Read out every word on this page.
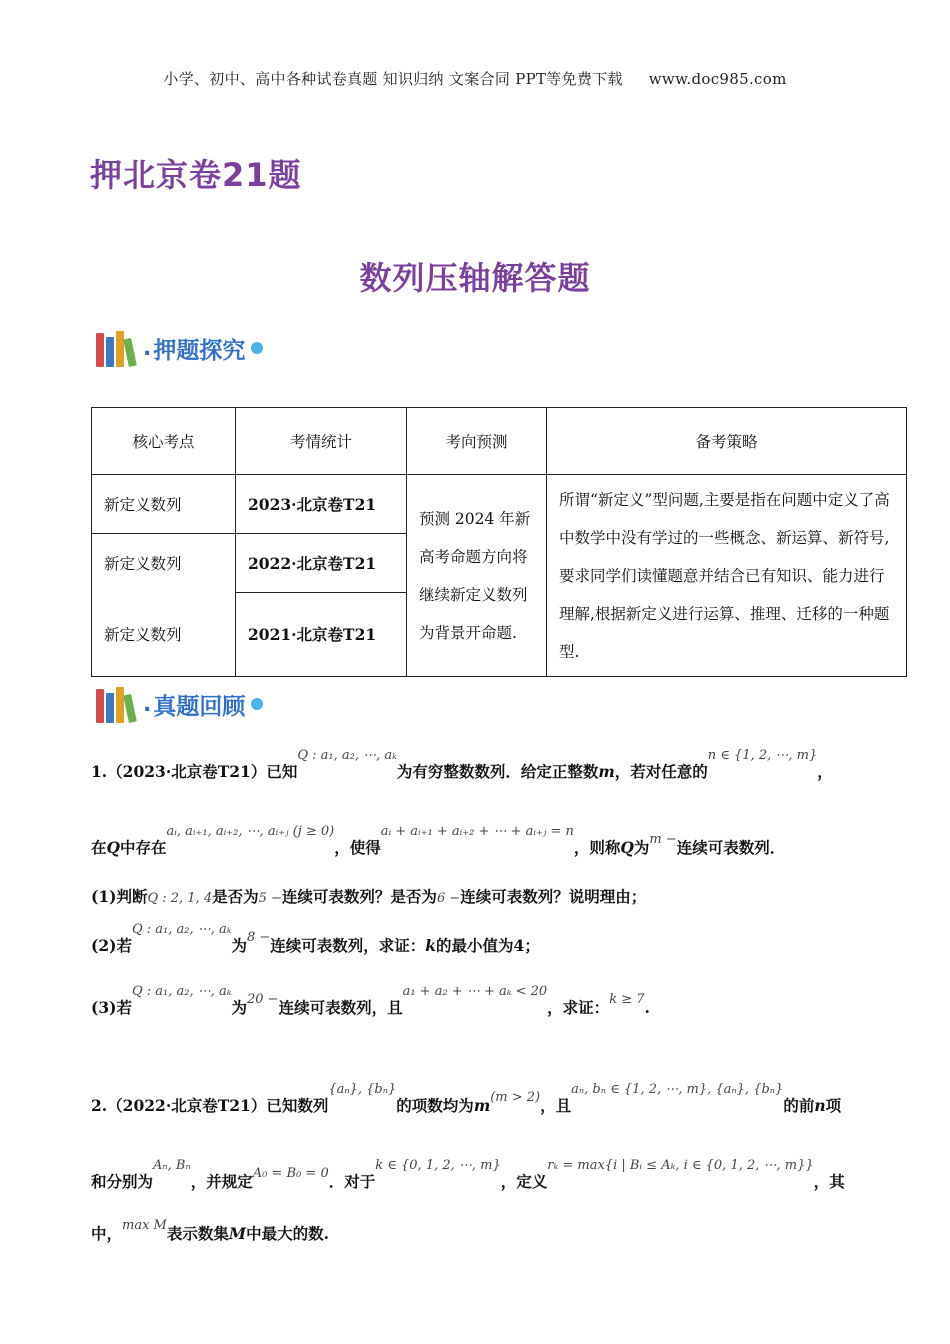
小学、初中、高中各种试卷真题 知识归纳 文案合同 PPT等免费下载 www.doc985.com
押北京卷21题
数列压轴解答题
. 押题探究
核心考点	考情统计	考向预测	备考策略
新定义数列	2023·北京卷T21	预测 2024 年新高考命题方向将继续新定义数列为背景开命题.	所谓“新定义”型问题,主要是指在问题中定义了高中数学中没有学过的一些概念、新运算、新符号,要求同学们读懂题意并结合已有知识、能力进行理解,根据新定义进行运算、推理、迁移的一种题型.
新定义数列	2022·北京卷T21		
新定义数列	2021·北京卷T21		
. 真题回顾
1.（2023·北京卷T21）已知$^{Q : a_1, a_2, \cdots, a_k}$为有穷整数数列．给定正整数m，若对任意的$^{n \in \{1, 2, \cdots, m\}}$，
在Q中存在$^{aᵢ, aᵢ_{+1}, aᵢ_{+2}, \cdots, aᵢ_+ⱼ (j \ge 0)}$，使得$^{aᵢ + aᵢ_{+1} + aᵢ_{+2} + \cdots + aᵢ_+ⱼ = n}$，则称Q为$^{m -}$连续可表数列．
(1)判断Q : 2, 1, 4是否为5 −连续可表数列？是否为6 −连续可表数列？说明理由；
(2)若$^{Q : a_1, a_2, \cdots, a_k}$为$^{8 -}$连续可表数列，求证：k的最小值为4；
(3)若$^{Q : a_1, a_2, \cdots, a_k}$为$^{20 -}$连续可表数列，且$^{a_1 + a_2 + \cdots + a_k < 20}$，求证：$^{k \ge 7}$.
2.（2022·北京卷T21）已知数列$^{\{a_n\}, \{b_n\}}$的项数均为$m^{(m > 2)}$，且$^{a_n, b_n \in \{1, 2, \cdots, m\}, \{a_n\}, \{b_n\}}$的前n项
和分别为$^{A_n, B_n}$，并规定$^{A_0 = B_0 = 0}$．对于$^{k \in \{0, 1, 2, \cdots, m\}}$，定义$^{r_k = max\{i | Bᵢ \le A_k, i \in \{0, 1, 2, \cdots, m\}\}}$，其
中，$^{max M}$表示数集M中最大的数.
